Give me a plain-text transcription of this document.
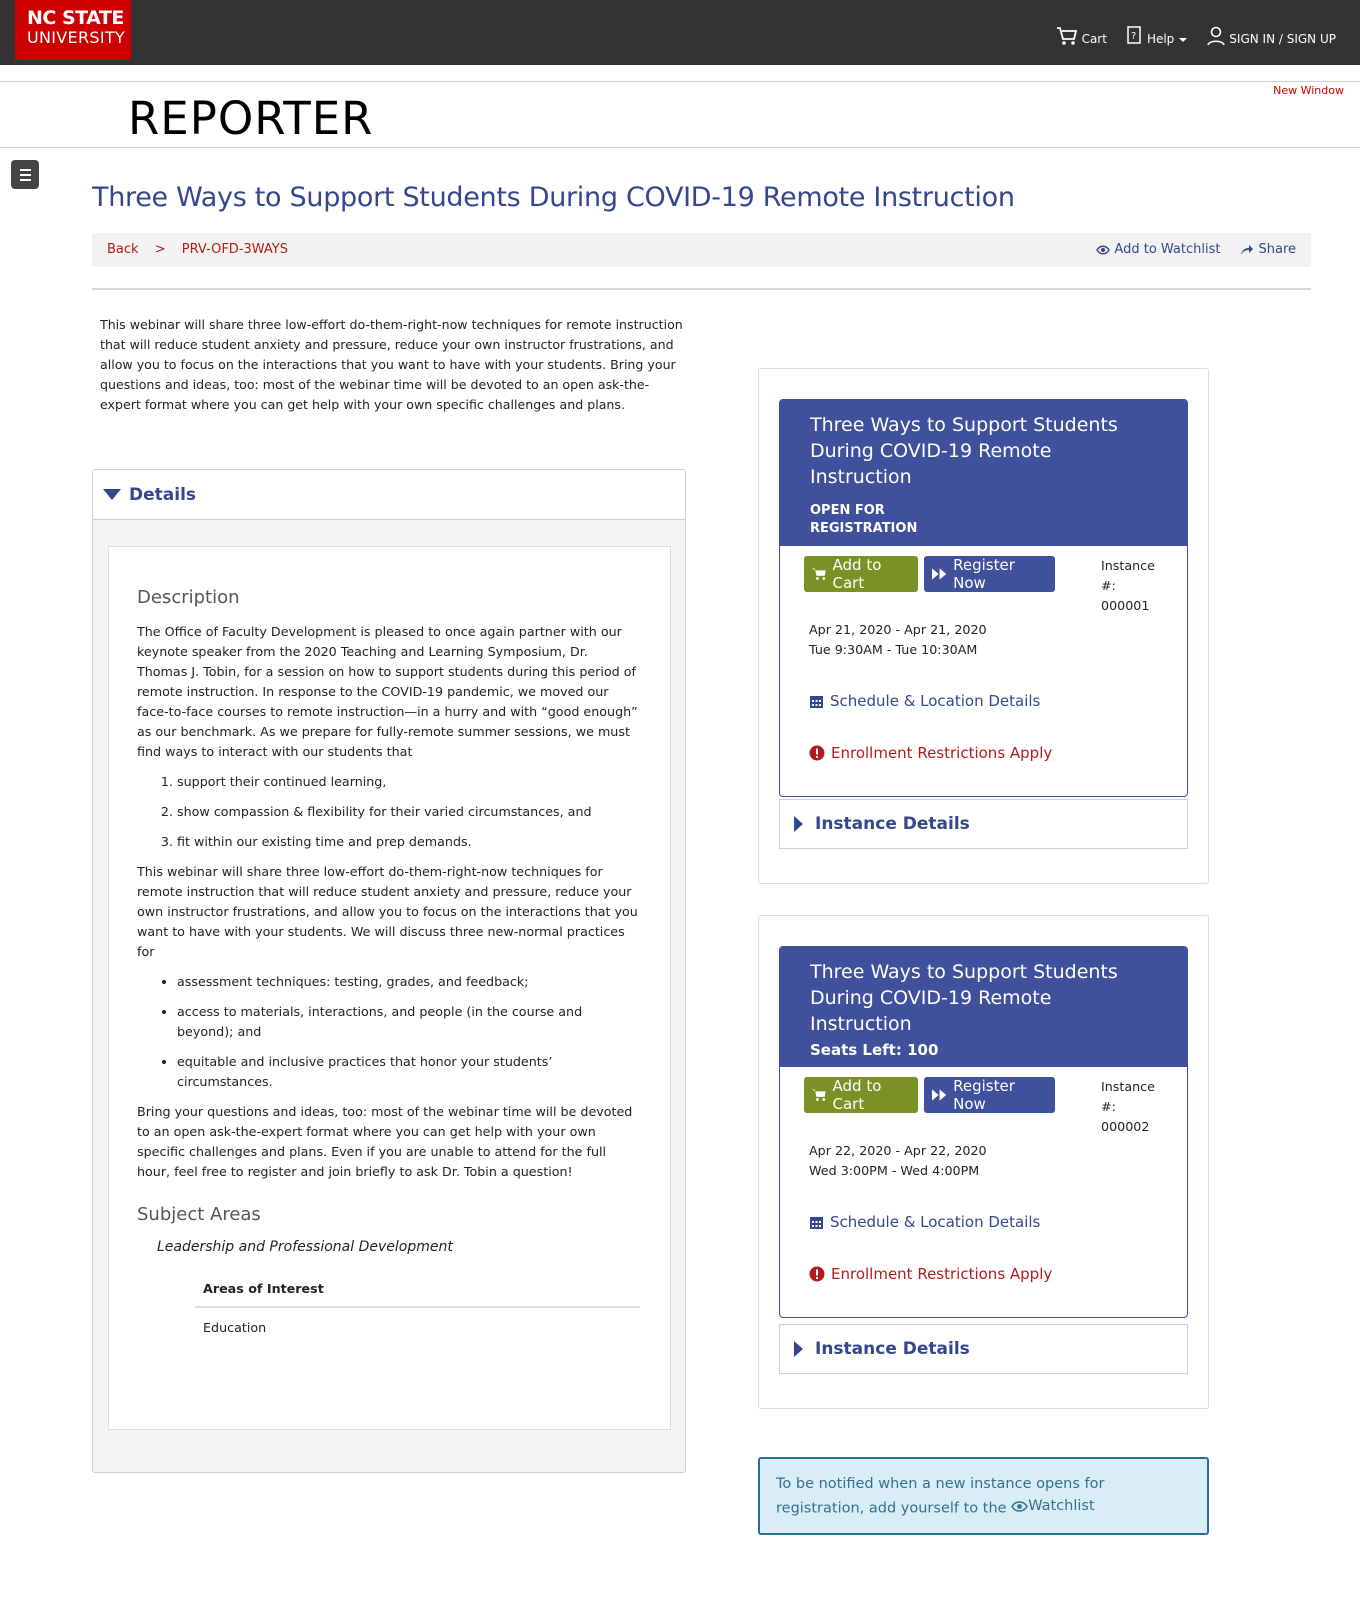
NC STATE
UNIVERSITY	Cart ? Help	SIGN IN / SIGN UP
REPORTER
New Window
Three Ways to Support Students During COVID-19 Remote Instruction
Back > PRV-OFD-3WAYS	Add to Watchlist	Share
This webinar will share three low-effort do-them-right-now techniques for remote instruction that will reduce student anxiety and pressure, reduce your own instructor frustrations, and allow you to focus on the interactions that you want to have with your students. Bring your questions and ideas, too: most of the webinar time will be devoted to an open ask-the-expert format where you can get help with your own specific challenges and plans.
Details
Description

The Office of Faculty Development is pleased to once again partner with our keynote speaker from the 2020 Teaching and Learning Symposium, Dr. Thomas J. Tobin, for a session on how to support students during this period of remote instruction. In response to the COVID-19 pandemic, we moved our face-to-face courses to remote instruction—in a hurry and with “good enough” as our benchmark. As we prepare for fully-remote summer sessions, we must find ways to interact with our students that

1. support their continued learning,
2. show compassion & flexibility for their varied circumstances, and
3. fit within our existing time and prep demands.

This webinar will share three low-effort do-them-right-now techniques for remote instruction that will reduce student anxiety and pressure, reduce your own instructor frustrations, and allow you to focus on the interactions that you want to have with your students. We will discuss three new-normal practices for

• assessment techniques: testing, grades, and feedback;
• access to materials, interactions, and people (in the course and beyond); and
• equitable and inclusive practices that honor your students’ circumstances.

Bring your questions and ideas, too: most of the webinar time will be devoted to an open ask-the-expert format where you can get help with your own specific challenges and plans. Even if you are unable to attend for the full hour, feel free to register and join briefly to ask Dr. Tobin a question!

Subject Areas
Leadership and Professional Development
Areas of Interest
Education
Three Ways to Support Students During COVID-19 Remote Instruction
OPEN FOR REGISTRATION
Add to Cart
Register Now
Instance #: 000001
Apr 21, 2020 - Apr 21, 2020
Tue 9:30AM - Tue 10:30AM
Schedule & Location Details
Enrollment Restrictions Apply
Instance Details
Three Ways to Support Students During COVID-19 Remote Instruction
Seats Left: 100
Add to Cart
Register Now
Instance #: 000002
Apr 22, 2020 - Apr 22, 2020
Wed 3:00PM - Wed 4:00PM
Schedule & Location Details
Enrollment Restrictions Apply
Instance Details
To be notified when a new instance opens for registration, add yourself to the Watchlist
